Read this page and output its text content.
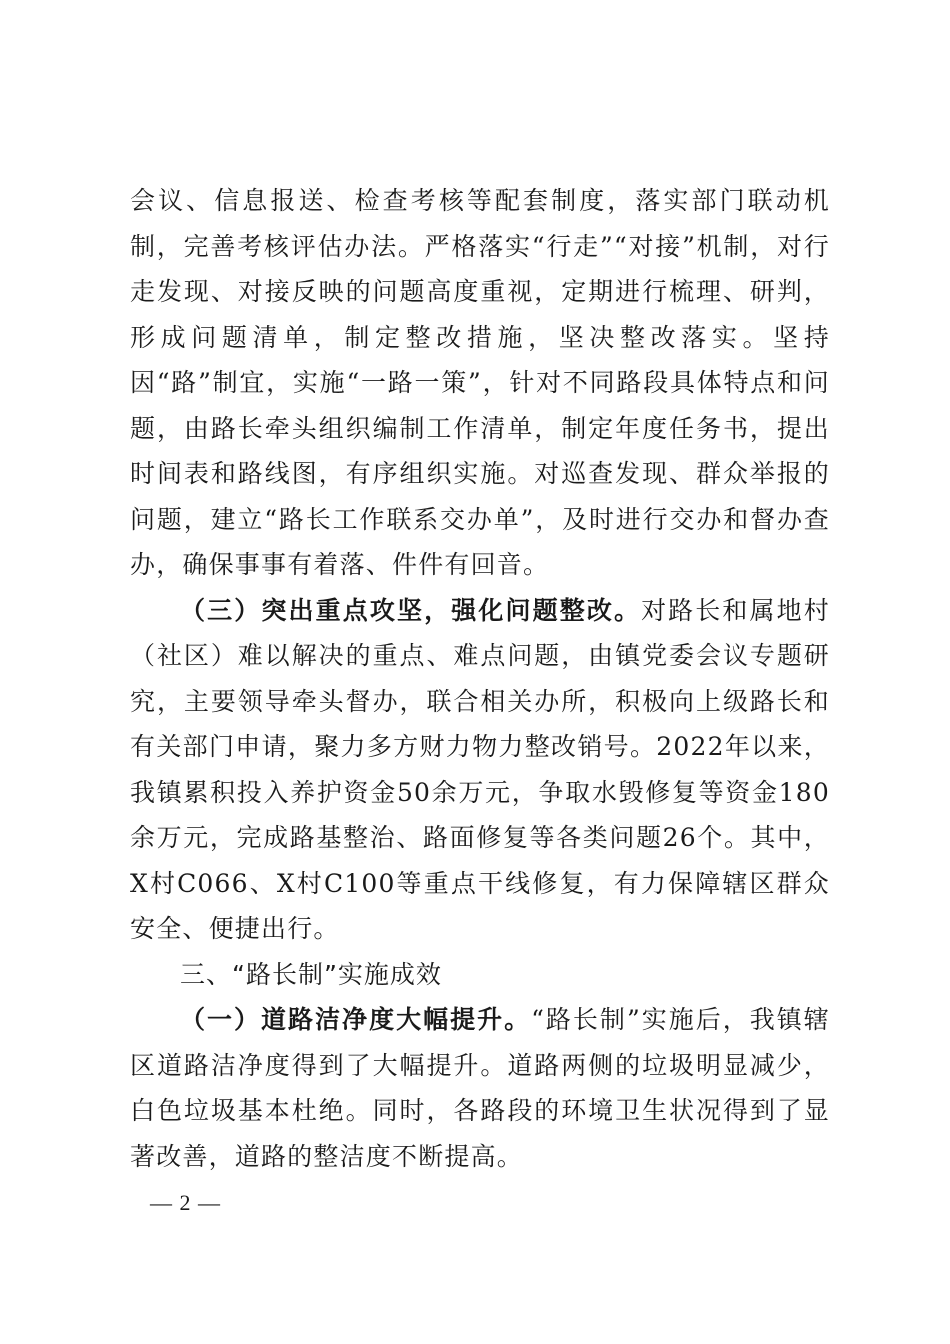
会议、信息报送、检查考核等配套制度，落实部门联动机制，完善考核评估办法。严格落实“行走”“对接”机制，对行走发现、对接反映的问题高度重视，定期进行梳理、研判，形成问题清单，制定整改措施，坚决整改落实。坚持因“路”制宜，实施“一路一策”，针对不同路段具体特点和问题，由路长牵头组织编制工作清单，制定年度任务书，提出时间表和路线图，有序组织实施。对巡查发现、群众举报的问题，建立“路长工作联系交办单”，及时进行交办和督办查办，确保事事有着落、件件有回音。

（三）突出重点攻坚，强化问题整改。对路长和属地村（社区）难以解决的重点、难点问题，由镇党委会议专题研究，主要领导牵头督办，联合相关办所，积极向上级路长和有关部门申请，聚力多方财力物力整改销号。2022年以来，我镇累积投入养护资金50余万元，争取水毁修复等资金180余万元，完成路基整治、路面修复等各类问题26个。其中，X村C066、X村C100等重点干线修复，有力保障辖区群众安全、便捷出行。

三、“路长制”实施成效

（一）道路洁净度大幅提升。“路长制”实施后，我镇辖区道路洁净度得到了大幅提升。道路两侧的垃圾明显减少，白色垃圾基本杜绝。同时，各路段的环境卫生状况得到了显著改善，道路的整洁度不断提高。

— 2 —
